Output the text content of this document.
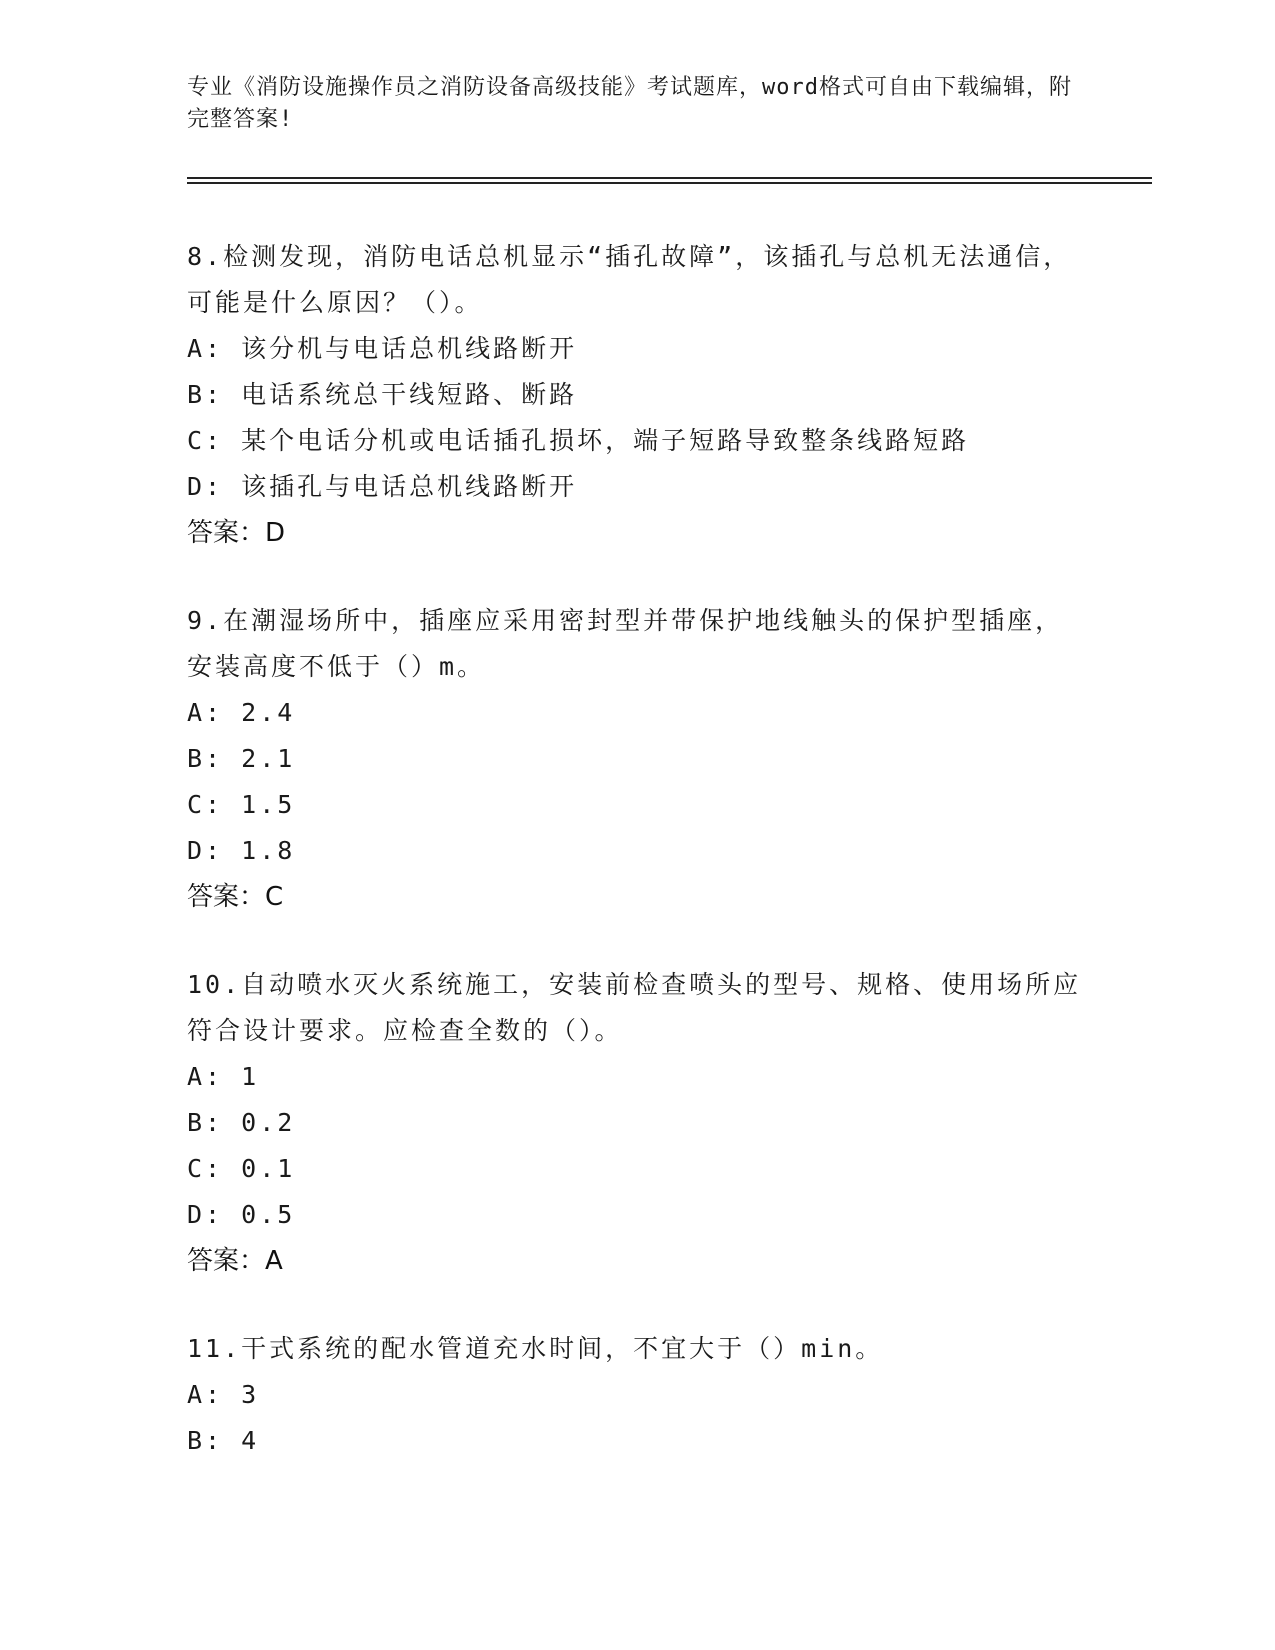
专业《消防设施操作员之消防设备高级技能》考试题库，word格式可自由下载编辑，附完整答案!

8.检测发现，消防电话总机显示“插孔故障”，该插孔与总机无法通信，可能是什么原因？（）。

A: 该分机与电话总机线路断开

B: 电话系统总干线短路、断路

C: 某个电话分机或电话插孔损坏，端子短路导致整条线路短路

D: 该插孔与电话总机线路断开

答案：D

9.在潮湿场所中，插座应采用密封型并带保护地线触头的保护型插座，安装高度不低于（）m。

A: 2.4

B: 2.1

C: 1.5

D: 1.8

答案：C

10.自动喷水灭火系统施工，安装前检查喷头的型号、规格、使用场所应符合设计要求。应检查全数的（）。

A: 1

B: 0.2

C: 0.1

D: 0.5

答案：A

11.干式系统的配水管道充水时间，不宜大于（）min。

A: 3

B: 4
